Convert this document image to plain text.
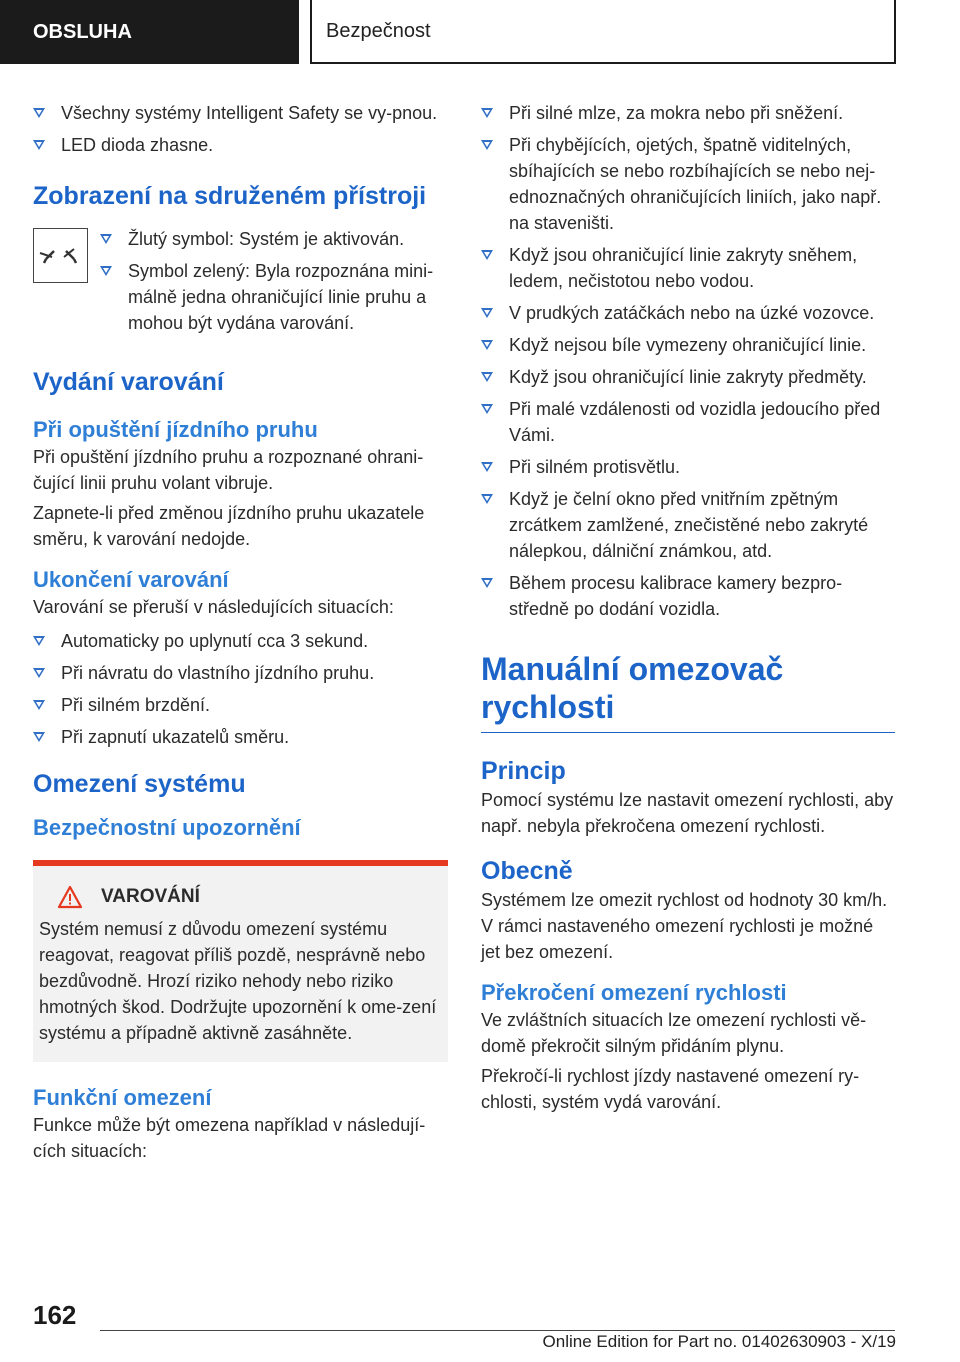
OBSLUHA	Bezpečnost
Všechny systémy Intelligent Safety se vy‐pnou.
LED dioda zhasne.
Zobrazení na sdruženém přístroji
Žlutý symbol: Systém je aktivován.
Symbol zelený: Byla rozpoznána mini‐málně jedna ohraničující linie pruhu a mohou být vydána varování.
Vydání varování
Při opuštění jízdního pruhu
Při opuštění jízdního pruhu a rozpoznané ohrani‐čující linii pruhu volant vibruje.
Zapnete-li před změnou jízdního pruhu ukazatele směru, k varování nedojde.
Ukončení varování
Varování se přeruší v následujících situacích:
Automaticky po uplynutí cca 3 sekund.
Při návratu do vlastního jízdního pruhu.
Při silném brzdění.
Při zapnutí ukazatelů směru.
Omezení systému
Bezpečnostní upozornění
VAROVÁNÍ
Systém nemusí z důvodu omezení systému reagovat, reagovat příliš pozdě, nesprávně nebo bezdůvodně. Hrozí riziko nehody nebo riziko hmotných škod. Dodržujte upozornění k ome‐zení systému a případně aktivně zasáhněte.
Funkční omezení
Funkce může být omezena například v následují‐cích situacích:
Při silné mlze, za mokra nebo při sněžení.
Při chybějících, ojetých, špatně viditelných, sbíhajících se nebo rozbíhajících se nebo nej‐ednoznačných ohraničujících liniích, jako např. na staveništi.
Když jsou ohraničující linie zakryty sněhem, ledem, nečistotou nebo vodou.
V prudkých zatáčkách nebo na úzké vozovce.
Když nejsou bíle vymezeny ohraničující linie.
Když jsou ohraničující linie zakryty předměty.
Při malé vzdálenosti od vozidla jedoucího před Vámi.
Při silném protisvětlu.
Když je čelní okno před vnitřním zpětným zrcátkem zamlžené, znečistěné nebo zakryté nálepkou, dálniční známkou, atd.
Během procesu kalibrace kamery bezpro‐středně po dodání vozidla.
Manuální omezovač rychlosti
Princip
Pomocí systému lze nastavit omezení rychlosti, aby např. nebyla překročena omezení rychlosti.
Obecně
Systémem lze omezit rychlost od hodnoty 30 km/h. V rámci nastaveného omezení rychlosti je možné jet bez omezení.
Překročení omezení rychlosti
Ve zvláštních situacích lze omezení rychlosti vě‐domě překročit silným přidáním plynu.
Překročí-li rychlost jízdy nastavené omezení ry‐chlosti, systém vydá varování.
162
Online Edition for Part no. 01402630903 - X/19
